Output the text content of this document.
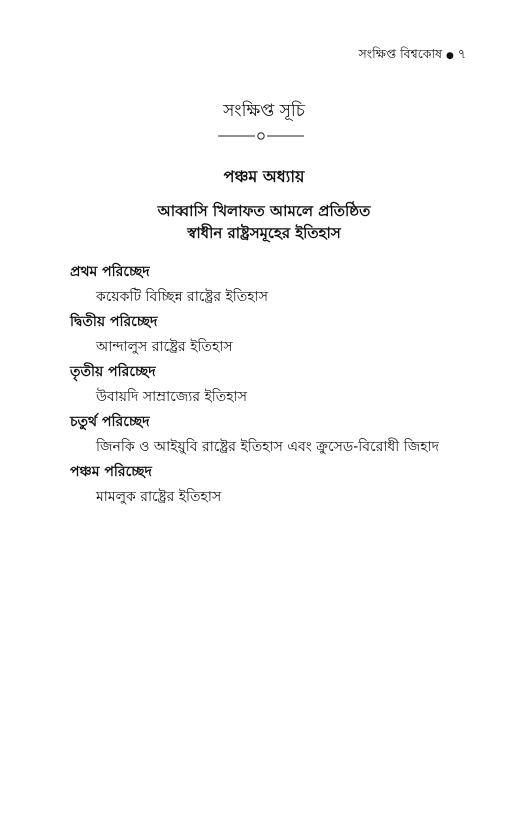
সংক্ষিপ্ত বিশ্বকোষ ● ৭
সংক্ষিপ্ত সূচি
পঞ্চম অধ্যায়
আব্বাসি খিলাফত আমলে প্রতিষ্ঠিত
স্বাধীন রাষ্ট্রসমূহের ইতিহাস
প্রথম পরিচ্ছেদ
কয়েকটি বিচ্ছিন্ন রাষ্ট্রের ইতিহাস
দ্বিতীয় পরিচ্ছেদ
আন্দালুস রাষ্ট্রের ইতিহাস
তৃতীয় পরিচ্ছেদ
উবায়দি সাম্রাজ্যের ইতিহাস
চতুর্থ পরিচ্ছেদ
জিনকি ও আইয়ুবি রাষ্ট্রের ইতিহাস এবং ক্রুসেড-বিরোধী জিহাদ
পঞ্চম পরিচ্ছেদ
মামলুক রাষ্ট্রের ইতিহাস
